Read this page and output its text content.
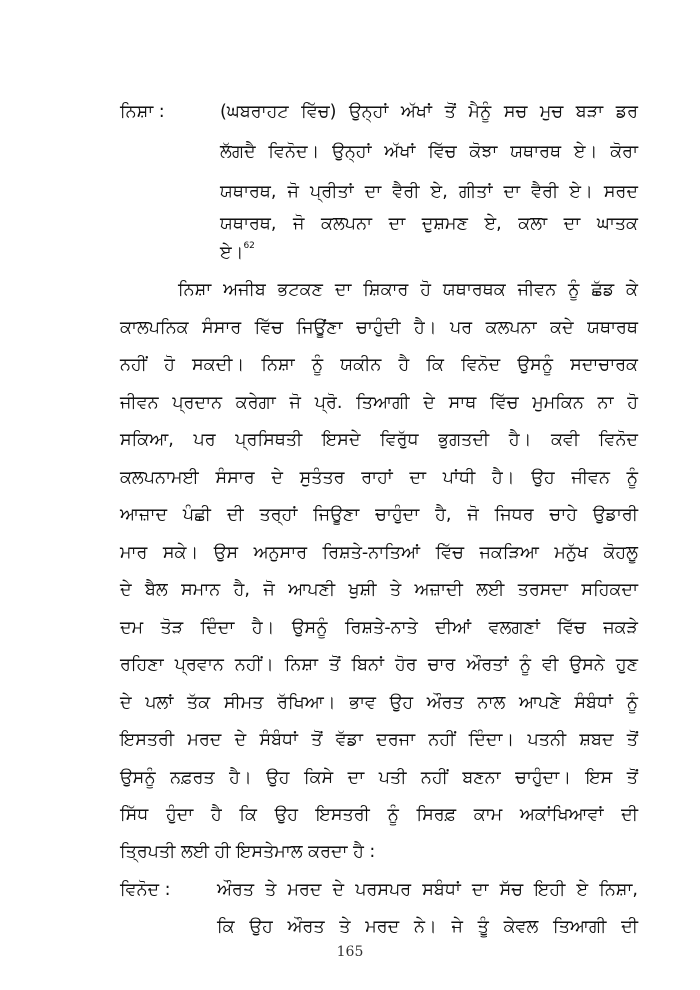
ਨਿਸ਼ਾ :	(ਘਬਰਾਹਟ ਵਿੱਚ) ਉਨ੍ਹਾਂ ਅੱਖਾਂ ਤੋਂ ਮੈਨੂੰ ਸਚ ਮੁਚ ਬੜਾ ਡਰ
ਲੱਗਦੈ ਵਿਨੋਦ। ਉਨ੍ਹਾਂ ਅੱਖਾਂ ਵਿੱਚ ਕੋਝਾ ਯਥਾਰਥ ਏ। ਕੋਰਾ
ਯਥਾਰਥ, ਜੋ ਪ੍ਰੀਤਾਂ ਦਾ ਵੈਰੀ ਏ, ਗੀਤਾਂ ਦਾ ਵੈਰੀ ਏ। ਸਰਦ
ਯਥਾਰਥ, ਜੋ ਕਲਪਨਾ ਦਾ ਦੁਸ਼ਮਣ ਏ, ਕਲਾ ਦਾ ਘਾਤਕ
ਏ।$^{62}$
ਨਿਸ਼ਾ ਅਜੀਬ ਭਟਕਣ ਦਾ ਸ਼ਿਕਾਰ ਹੋ ਯਥਾਰਥਕ ਜੀਵਨ ਨੂੰ ਛੱਡ ਕੇ
ਕਾਲਪਨਿਕ ਸੰਸਾਰ ਵਿੱਚ ਜਿਊਂਣਾ ਚਾਹੁੰਦੀ ਹੈ। ਪਰ ਕਲਪਨਾ ਕਦੇ ਯਥਾਰਥ
ਨਹੀਂ ਹੋ ਸਕਦੀ। ਨਿਸ਼ਾ ਨੂੰ ਯਕੀਨ ਹੈ ਕਿ ਵਿਨੋਦ ਉਸਨੂੰ ਸਦਾਚਾਰਕ
ਜੀਵਨ ਪ੍ਰਦਾਨ ਕਰੇਗਾ ਜੋ ਪ੍ਰੋ. ਤਿਆਗੀ ਦੇ ਸਾਥ ਵਿੱਚ ਮੁਮਕਿਨ ਨਾ ਹੋ
ਸਕਿਆ, ਪਰ ਪ੍ਰਸਿਥਤੀ ਇਸਦੇ ਵਿਰੁੱਧ ਭੁਗਤਦੀ ਹੈ। ਕਵੀ ਵਿਨੋਦ
ਕਲਪਨਾਮਈ ਸੰਸਾਰ ਦੇ ਸੁਤੰਤਰ ਰਾਹਾਂ ਦਾ ਪਾਂਧੀ ਹੈ। ਉਹ ਜੀਵਨ ਨੂੰ
ਆਜ਼ਾਦ ਪੰਛੀ ਦੀ ਤਰ੍ਹਾਂ ਜਿਊਣਾ ਚਾਹੁੰਦਾ ਹੈ, ਜੋ ਜਿਧਰ ਚਾਹੇ ਉਡਾਰੀ
ਮਾਰ ਸਕੇ। ਉਸ ਅਨੁਸਾਰ ਰਿਸ਼ਤੇ-ਨਾਤਿਆਂ ਵਿੱਚ ਜਕੜਿਆ ਮਨੁੱਖ ਕੋਹਲੂ
ਦੇ ਬੈਲ ਸਮਾਨ ਹੈ, ਜੋ ਆਪਣੀ ਖੁਸ਼ੀ ਤੇ ਅਜ਼ਾਦੀ ਲਈ ਤਰਸਦਾ ਸਹਿਕਦਾ
ਦਮ ਤੋੜ ਦਿੰਦਾ ਹੈ। ਉਸਨੂੰ ਰਿਸ਼ਤੇ-ਨਾਤੇ ਦੀਆਂ ਵਲਗਣਾਂ ਵਿੱਚ ਜਕੜੇ
ਰਹਿਣਾ ਪ੍ਰਵਾਨ ਨਹੀਂ। ਨਿਸ਼ਾ ਤੋਂ ਬਿਨਾਂ ਹੋਰ ਚਾਰ ਔਰਤਾਂ ਨੂੰ ਵੀ ਉਸਨੇ ਹੁਣ
ਦੇ ਪਲਾਂ ਤੱਕ ਸੀਮਤ ਰੱਖਿਆ। ਭਾਵ ਉਹ ਔਰਤ ਨਾਲ ਆਪਣੇ ਸੰਬੰਧਾਂ ਨੂੰ
ਇਸਤਰੀ ਮਰਦ ਦੇ ਸੰਬੰਧਾਂ ਤੋਂ ਵੱਡਾ ਦਰਜਾ ਨਹੀਂ ਦਿੰਦਾ। ਪਤਨੀ ਸ਼ਬਦ ਤੋਂ
ਉਸਨੂੰ ਨਫ਼ਰਤ ਹੈ। ਉਹ ਕਿਸੇ ਦਾ ਪਤੀ ਨਹੀਂ ਬਣਨਾ ਚਾਹੁੰਦਾ। ਇਸ ਤੋਂ
ਸਿੱਧ ਹੁੰਦਾ ਹੈ ਕਿ ਉਹ ਇਸਤਰੀ ਨੂੰ ਸਿਰਫ਼ ਕਾਮ ਅਕਾਂਖਿਆਵਾਂ ਦੀ
ਤ੍ਰਿਪਤੀ ਲਈ ਹੀ ਇਸਤੇਮਾਲ ਕਰਦਾ ਹੈ :
ਵਿਨੋਦ :	ਔਰਤ ਤੇ ਮਰਦ ਦੇ ਪਰਸਪਰ ਸਬੰਧਾਂ ਦਾ ਸੱਚ ਇਹੀ ਏ ਨਿਸ਼ਾ,
ਕਿ ਉਹ ਔਰਤ ਤੇ ਮਰਦ ਨੇ। ਜੇ ਤੂੰ ਕੇਵਲ ਤਿਆਗੀ ਦੀ
165
